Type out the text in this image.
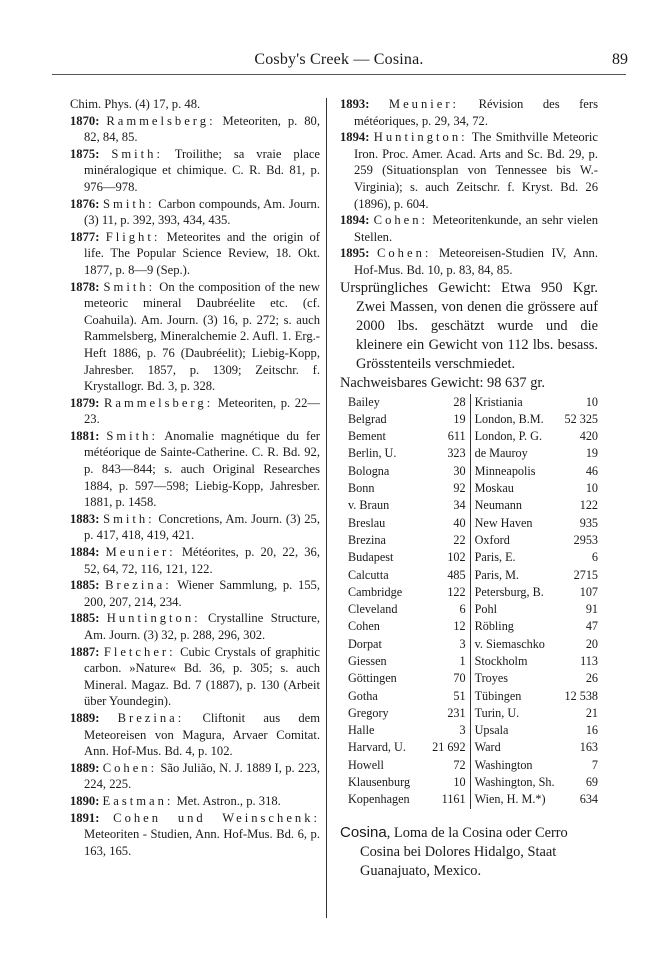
Cosby's Creek — Cosina.	89
Chim. Phys. (4) 17, p. 48.
1870: Rammelsberg: Meteoriten, p. 80, 82, 84, 85.
1875: Smith: Troilithe; sa vraie place minéralogique et chimique. C. R. Bd. 81, p. 976—978.
1876: Smith: Carbon compounds, Am. Journ. (3) 11, p. 392, 393, 434, 435.
1877: Flight: Meteorites and the origin of life. The Popular Science Review, 18. Okt. 1877, p. 8—9 (Sep.).
1878: Smith: On the composition of the new meteoric mineral Daubréelite etc. (cf. Coahuila). Am. Journ. (3) 16, p. 272; s. auch Rammelsberg, Mineralchemie 2. Aufl. 1. Erg.-Heft 1886, p. 76 (Daubréelit); Liebig-Kopp, Jahresber. 1857, p. 1309; Zeitschr. f. Krystallogr. Bd. 3, p. 328.
1879: Rammelsberg: Meteoriten, p. 22—23.
1881: Smith: Anomalie magnétique du fer météorique de Sainte-Catherine. C. R. Bd. 92, p. 843—844; s. auch Original Researches 1884, p. 597—598; Liebig-Kopp, Jahresber. 1881, p. 1458.
1883: Smith: Concretions, Am. Journ. (3) 25, p. 417, 418, 419, 421.
1884: Meunier: Météorites, p. 20, 22, 36, 52, 64, 72, 116, 121, 122.
1885: Brezina: Wiener Sammlung, p. 155, 200, 207, 214, 234.
1885: Huntington: Crystalline Structure, Am. Journ. (3) 32, p. 288, 296, 302.
1887: Fletcher: Cubic Crystals of graphitic carbon. »Nature« Bd. 36, p. 305; s. auch Mineral. Magaz. Bd. 7 (1887), p. 130 (Arbeit über Youndegin).
1889: Brezina: Cliftonit aus dem Meteoreisen von Magura, Arvaer Comitat. Ann. Hof-Mus. Bd. 4, p. 102.
1889: Cohen: São Julião, N. J. 1889 I, p. 223, 224, 225.
1890: Eastman: Met. Astron., p. 318.
1891: Cohen und Weinschenk: Meteoriten - Studien, Ann. Hof-Mus. Bd. 6, p. 163, 165.
1893: Meunier: Révision des fers météoriques, p. 29, 34, 72.
1894: Huntington: The Smithville Meteoric Iron. Proc. Amer. Acad. Arts and Sc. Bd. 29, p. 259 (Situationsplan von Tennessee bis W.-Virginia); s. auch Zeitschr. f. Kryst. Bd. 26 (1896), p. 604.
1894: Cohen: Meteoritenkunde, an sehr vielen Stellen.
1895: Cohen: Meteoreisen-Studien IV, Ann. Hof-Mus. Bd. 10, p. 83, 84, 85.
Ursprüngliches Gewicht: Etwa 950 Kgr. Zwei Massen, von denen die grössere auf 2000 lbs. geschätzt wurde und die kleinere ein Gewicht von 112 lbs. besass. Grösstenteils verschmiedet.
Nachweisbares Gewicht: 98 637 gr.
Bailey	28
Belgrad	19
Bement	611
Berlin, U.	323
Bologna	30
Bonn	92
v. Braun	34
Breslau	40
Brezina	22
Budapest	102
Calcutta	485
Cambridge	122
Cleveland	6
Cohen	12
Dorpat	3
Giessen	1
Göttingen	70
Gotha	51
Gregory	231
Halle	3
Harvard, U. 21 692
Howell	72
Klausenburg	10
Kopenhagen	1161
Kristiania	10
London, B.M. 52 325
London, P. G.	420
de Mauroy	19
Minneapolis	46
Moskau	10
Neumann	122
New Haven	935
Oxford	2953
Paris, E.	6
Paris, M.	2715
Petersburg, B.	107
Pohl	91
Röbling	47
v. Siemaschko	20
Stockholm	113
Troyes	26
Tübingen	12 538
Turin, U.	21
Upsala	16
Ward	163
Washington	7
Washington, Sh.	69
Wien, H. M.*)	634
Cosina, Loma de la Cosina oder Cerro Cosina bei Dolores Hidalgo, Staat Guanajuato, Mexico.
